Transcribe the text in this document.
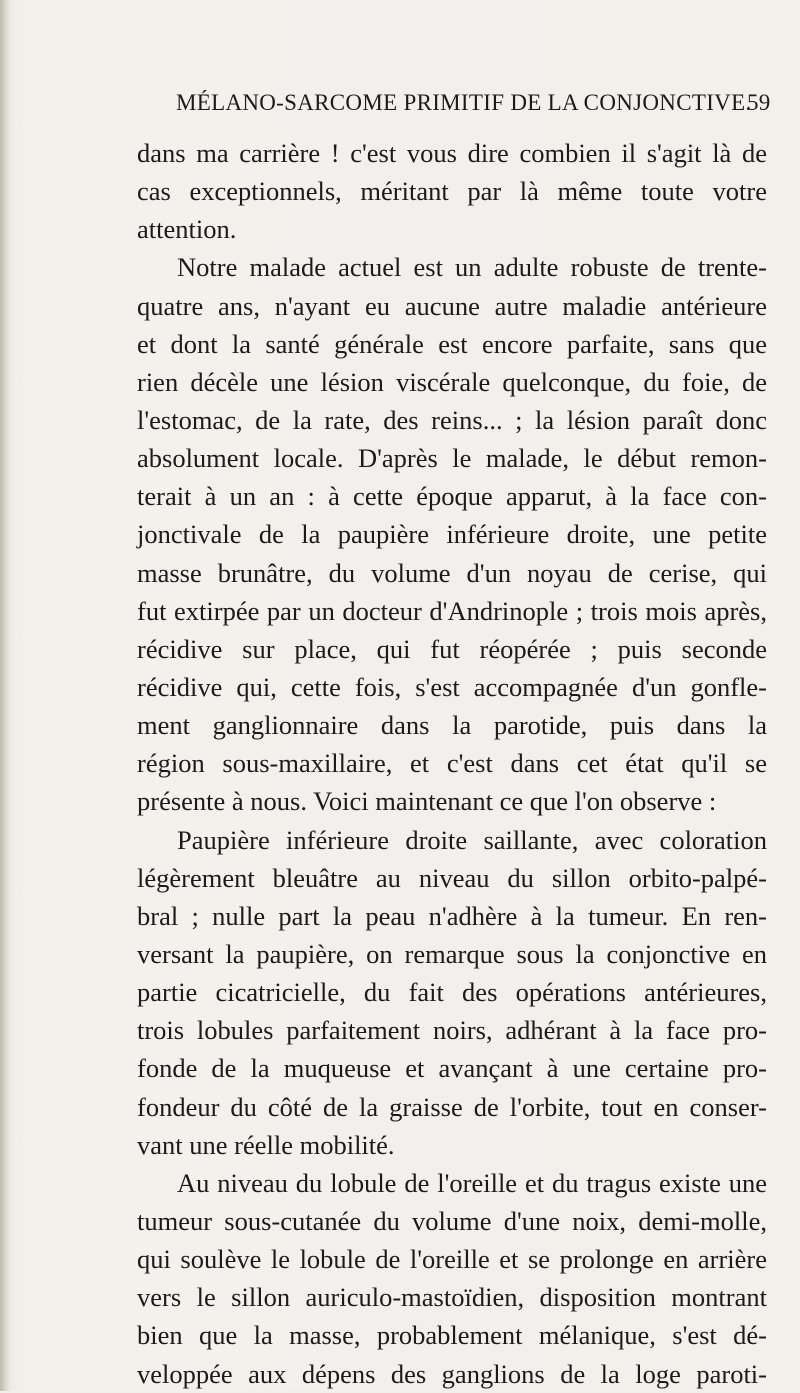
MÉLANO-SARCOME PRIMITIF DE LA CONJONCTIVE.
59
dans ma carrière ! c'est vous dire combien il s'agit là de
cas exceptionnels, méritant par là même toute votre
attention.
Notre malade actuel est un adulte robuste de trente-
quatre ans, n'ayant eu aucune autre maladie antérieure
et dont la santé générale est encore parfaite, sans que
rien décèle une lésion viscérale quelconque, du foie, de
l'estomac, de la rate, des reins... ; la lésion paraît donc
absolument locale. D'après le malade, le début remon-
terait à un an : à cette époque apparut, à la face con-
jonctivale de la paupière inférieure droite, une petite
masse brunâtre, du volume d'un noyau de cerise, qui
fut extirpée par un docteur d'Andrinople ; trois mois après,
récidive sur place, qui fut réopérée ; puis seconde
récidive qui, cette fois, s'est accompagnée d'un gonfle-
ment ganglionnaire dans la parotide, puis dans la
région sous-maxillaire, et c'est dans cet état qu'il se
présente à nous. Voici maintenant ce que l'on observe :
Paupière inférieure droite saillante, avec coloration
légèrement bleuâtre au niveau du sillon orbito-palpé-
bral ; nulle part la peau n'adhère à la tumeur. En ren-
versant la paupière, on remarque sous la conjonctive en
partie cicatricielle, du fait des opérations antérieures,
trois lobules parfaitement noirs, adhérant à la face pro-
fonde de la muqueuse et avançant à une certaine pro-
fondeur du côté de la graisse de l'orbite, tout en conser-
vant une réelle mobilité.
Au niveau du lobule de l'oreille et du tragus existe une
tumeur sous-cutanée du volume d'une noix, demi-molle,
qui soulève le lobule de l'oreille et se prolonge en arrière
vers le sillon auriculo-mastoïdien, disposition montrant
bien que la masse, probablement mélanique, s'est dé-
veloppée aux dépens des ganglions de la loge paroti-
